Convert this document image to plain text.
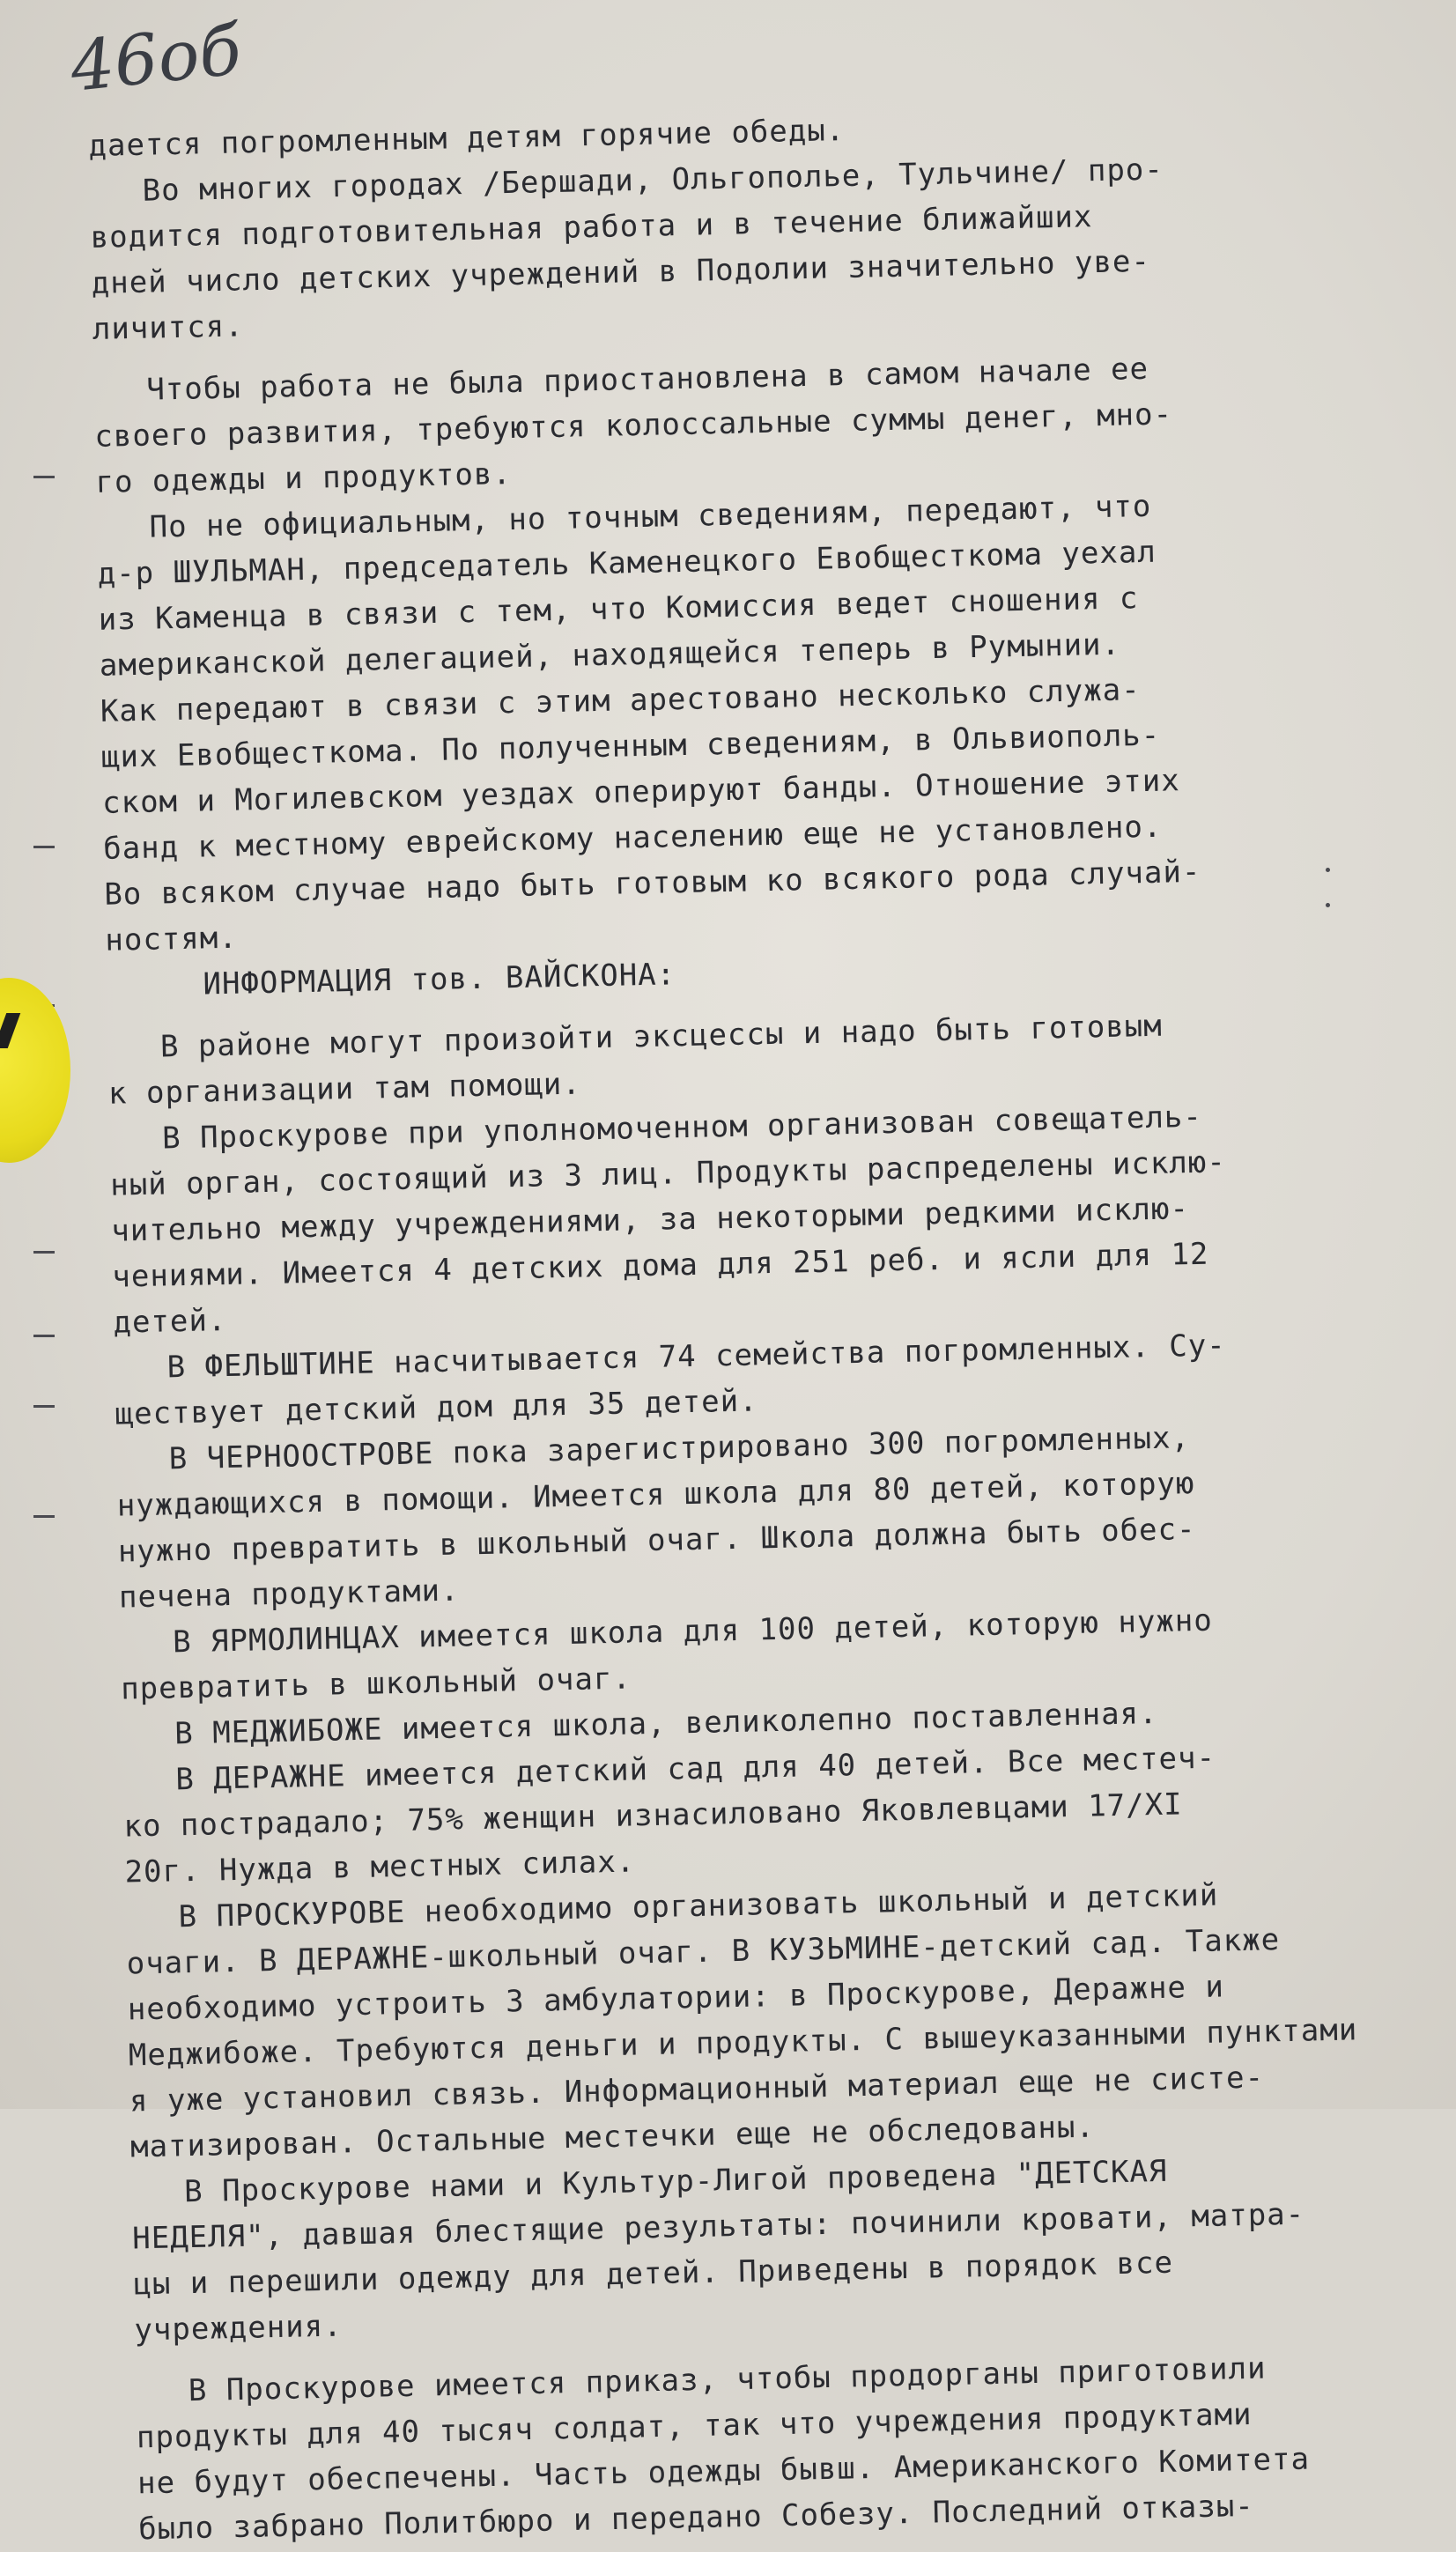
46об
дается погромленным детям горячие обеды.
Во многих городах /Бершади, Ольгополье, Тульчине/ про-
водится подготовительная работа и в течение ближайших
дней число детских учреждений в Подолии значительно уве-
личится.
Чтобы работа не была приостановлена в самом начале ее
своего развития, требуются колоссальные суммы денег, мно-
го одежды и продуктов.
По не официальным, но точным сведениям, передают, что
д-р ШУЛЬМАН, председатель Каменецкого Евобщесткома уехал
из Каменца в связи с тем, что Комиссия ведет сношения с
американской делегацией, находящейся теперь в Румынии.
Как передают в связи с этим арестовано несколько служа-
щих Евобщесткома. По полученным сведениям, в Ольвиополь-
ском и Могилевском уездах оперируют банды. Отношение этих
банд к местному еврейскому населению еще не установлено.
Во всяком случае надо быть готовым ко всякого рода случай-
ностям.
ИНФОРМАЦИЯ тов. ВАЙСКОНА:
В районе могут произойти эксцессы и надо быть готовым
к организации там помощи.
В Проскурове при уполномоченном организован совещатель-
ный орган, состоящий из 3 лиц. Продукты распределены исклю-
чительно между учреждениями, за некоторыми редкими исклю-
чениями. Имеется 4 детских дома для 251 реб. и ясли для 12
детей.
В ФЕЛЬШТИНЕ насчитывается 74 семейства погромленных. Су-
ществует детский дом для 35 детей.
В ЧЕРНООСТРОВЕ пока зарегистрировано 300 погромленных,
нуждающихся в помощи. Имеется школа для 80 детей, которую
нужно превратить в школьный очаг. Школа должна быть обес-
печена продуктами.
В ЯРМОЛИНЦАХ имеется школа для 100 детей, которую нужно
превратить в школьный очаг.
В МЕДЖИБОЖЕ имеется школа, великолепно поставленная.
В ДЕРАЖНЕ имеется детский сад для 40 детей. Все местеч-
ко пострадало; 75% женщин изнасиловано Яковлевцами 17/XI
20г. Нужда в местных силах.
В ПРОСКУРОВЕ необходимо организовать школьный и детский
очаги. В ДЕРАЖНЕ-школьный очаг. В КУЗЬМИНЕ-детский сад. Также
необходимо устроить 3 амбулатории: в Проскурове, Деражне и
Меджибоже. Требуются деньги и продукты. С вышеуказанными пунктами
я уже установил связь. Информационный материал еще не систе-
матизирован. Остальные местечки еще не обследованы.
В Проскурове нами и Культур-Лигой проведена "ДЕТСКАЯ
НЕДЕЛЯ", давшая блестящие результаты: починили кровати, матра-
цы и перешили одежду для детей. Приведены в порядок все
учреждения.
В Проскурове имеется приказ, чтобы продорганы приготовили
продукты для 40 тысяч солдат, так что учреждения продуктами
не будут обеспечены. Часть одежды бывш. Американского Комитета
было забрано Политбюро и передано Собезу. Последний отказы-
